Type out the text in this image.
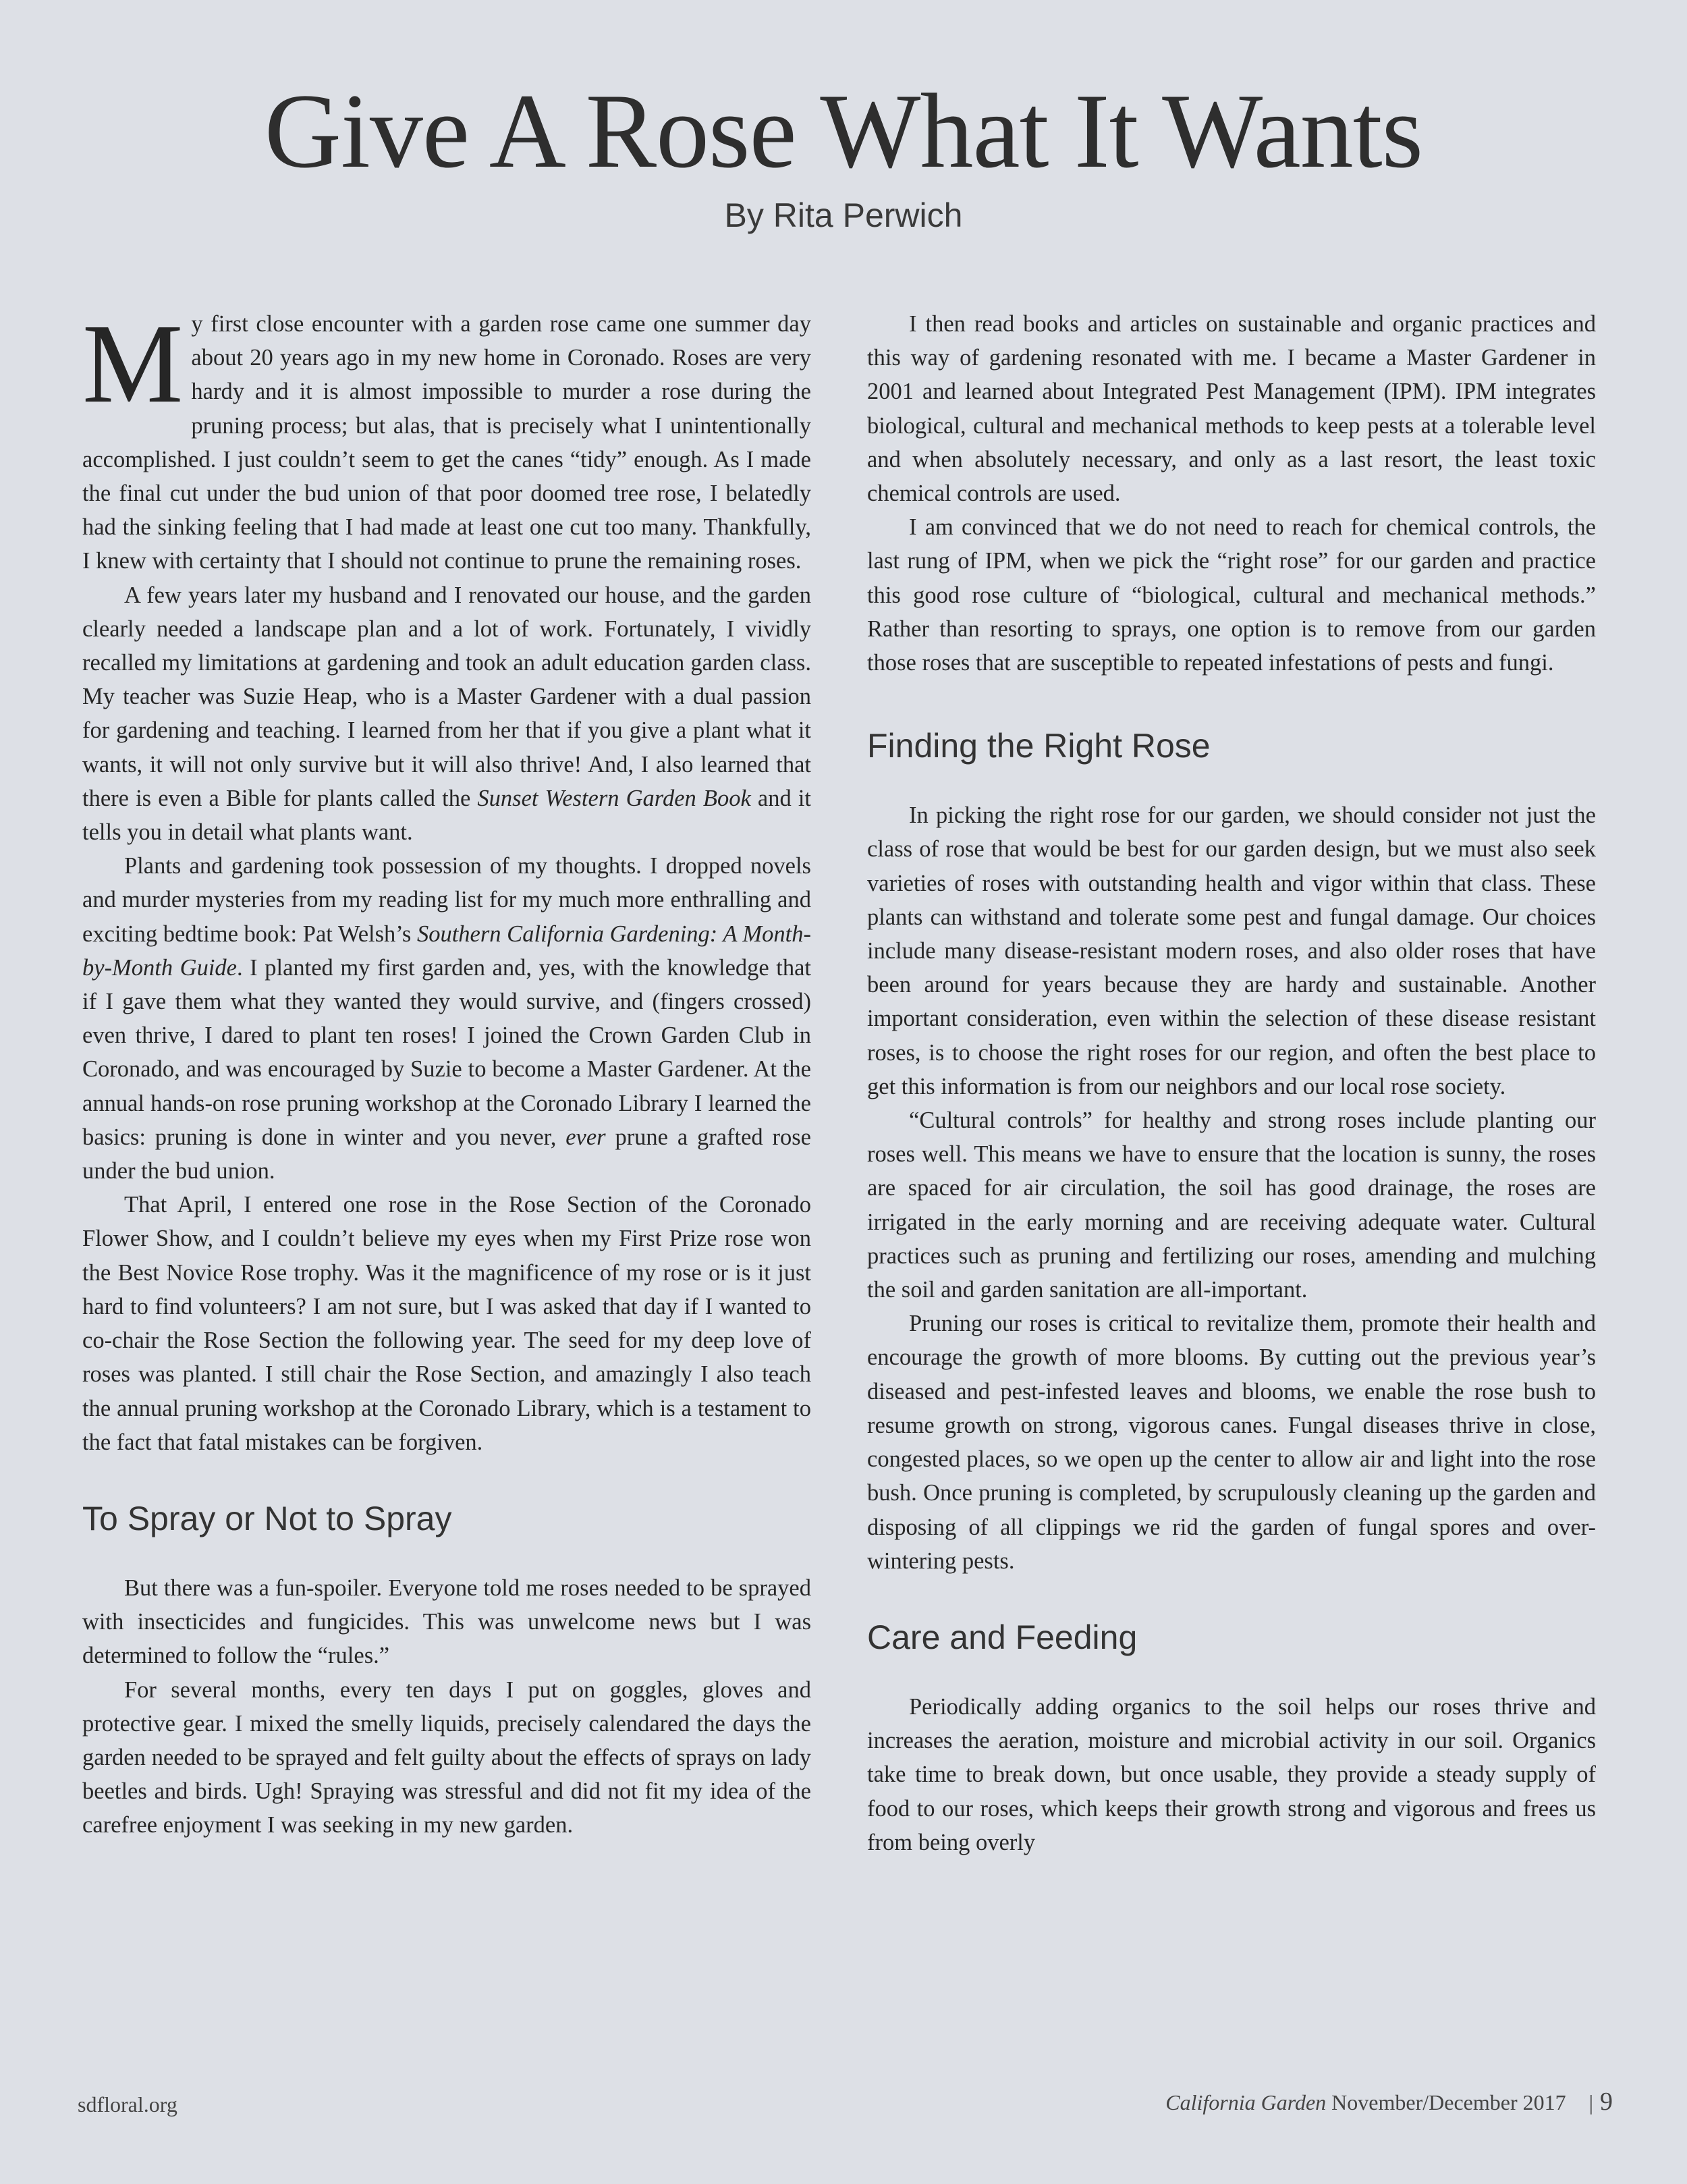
Give A Rose What It Wants
By Rita Perwich

My first close encounter with a garden rose came one summer day about 20 years ago in my new home in Coronado. Roses are very hardy and it is almost impossible to murder a rose during the pruning process; but alas, that is precisely what I unintentionally accomplished. I just couldn’t seem to get the canes “tidy” enough. As I made the final cut under the bud union of that poor doomed tree rose, I belatedly had the sinking feeling that I had made at least one cut too many. Thankfully, I knew with certainty that I should not continue to prune the remaining roses.

A few years later my husband and I renovated our house, and the garden clearly needed a landscape plan and a lot of work. Fortunately, I vividly recalled my limitations at gardening and took an adult education garden class. My teacher was Suzie Heap, who is a Master Gardener with a dual passion for gardening and teaching. I learned from her that if you give a plant what it wants, it will not only survive but it will also thrive! And, I also learned that there is even a Bible for plants called the Sunset Western Garden Book and it tells you in detail what plants want.

Plants and gardening took possession of my thoughts. I dropped novels and murder mysteries from my reading list for my much more enthralling and exciting bedtime book: Pat Welsh’s Southern California Gardening: A Month-by-Month Guide. I planted my first garden and, yes, with the knowledge that if I gave them what they wanted they would survive, and (fingers crossed) even thrive, I dared to plant ten roses! I joined the Crown Garden Club in Coronado, and was encouraged by Suzie to become a Master Gardener. At the annual hands-on rose pruning workshop at the Coronado Library I learned the basics: pruning is done in winter and you never, ever prune a grafted rose under the bud union.

That April, I entered one rose in the Rose Section of the Coronado Flower Show, and I couldn’t believe my eyes when my First Prize rose won the Best Novice Rose trophy. Was it the magnificence of my rose or is it just hard to find volunteers? I am not sure, but I was asked that day if I wanted to co-chair the Rose Section the following year. The seed for my deep love of roses was planted. I still chair the Rose Section, and amazingly I also teach the annual pruning workshop at the Coronado Library, which is a testament to the fact that fatal mistakes can be forgiven.

To Spray or Not to Spray

But there was a fun-spoiler. Everyone told me roses needed to be sprayed with insecticides and fungicides. This was unwelcome news but I was determined to follow the “rules.”

For several months, every ten days I put on goggles, gloves and protective gear. I mixed the smelly liquids, precisely calendared the days the garden needed to be sprayed and felt guilty about the effects of sprays on lady beetles and birds. Ugh! Spraying was stressful and did not fit my idea of the carefree enjoyment I was seeking in my new garden.

I then read books and articles on sustainable and organic practices and this way of gardening resonated with me. I became a Master Gardener in 2001 and learned about Integrated Pest Management (IPM). IPM integrates biological, cultural and mechanical methods to keep pests at a tolerable level and when absolutely necessary, and only as a last resort, the least toxic chemical controls are used.

I am convinced that we do not need to reach for chemical controls, the last rung of IPM, when we pick the “right rose” for our garden and practice this good rose culture of “biological, cultural and mechanical methods.” Rather than resorting to sprays, one option is to remove from our garden those roses that are susceptible to repeated infestations of pests and fungi.

Finding the Right Rose

In picking the right rose for our garden, we should consider not just the class of rose that would be best for our garden design, but we must also seek varieties of roses with outstanding health and vigor within that class. These plants can withstand and tolerate some pest and fungal damage. Our choices include many disease-resistant modern roses, and also older roses that have been around for years because they are hardy and sustainable. Another important consideration, even within the selection of these disease resistant roses, is to choose the right roses for our region, and often the best place to get this information is from our neighbors and our local rose society.

“Cultural controls” for healthy and strong roses include planting our roses well. This means we have to ensure that the location is sunny, the roses are spaced for air circulation, the soil has good drainage, the roses are irrigated in the early morning and are receiving adequate water. Cultural practices such as pruning and fertilizing our roses, amending and mulching the soil and garden sanitation are all-important.

Pruning our roses is critical to revitalize them, promote their health and encourage the growth of more blooms. By cutting out the previous year’s diseased and pest-infested leaves and blooms, we enable the rose bush to resume growth on strong, vigorous canes. Fungal diseases thrive in close, congested places, so we open up the center to allow air and light into the rose bush. Once pruning is completed, by scrupulously cleaning up the garden and disposing of all clippings we rid the garden of fungal spores and over-wintering pests.

Care and Feeding

Periodically adding organics to the soil helps our roses thrive and increases the aeration, moisture and microbial activity in our soil. Organics take time to break down, but once usable, they provide a steady supply of food to our roses, which keeps their growth strong and vigorous and frees us from being overly

sdfloral.org	California Garden November/December 2017 | 9
